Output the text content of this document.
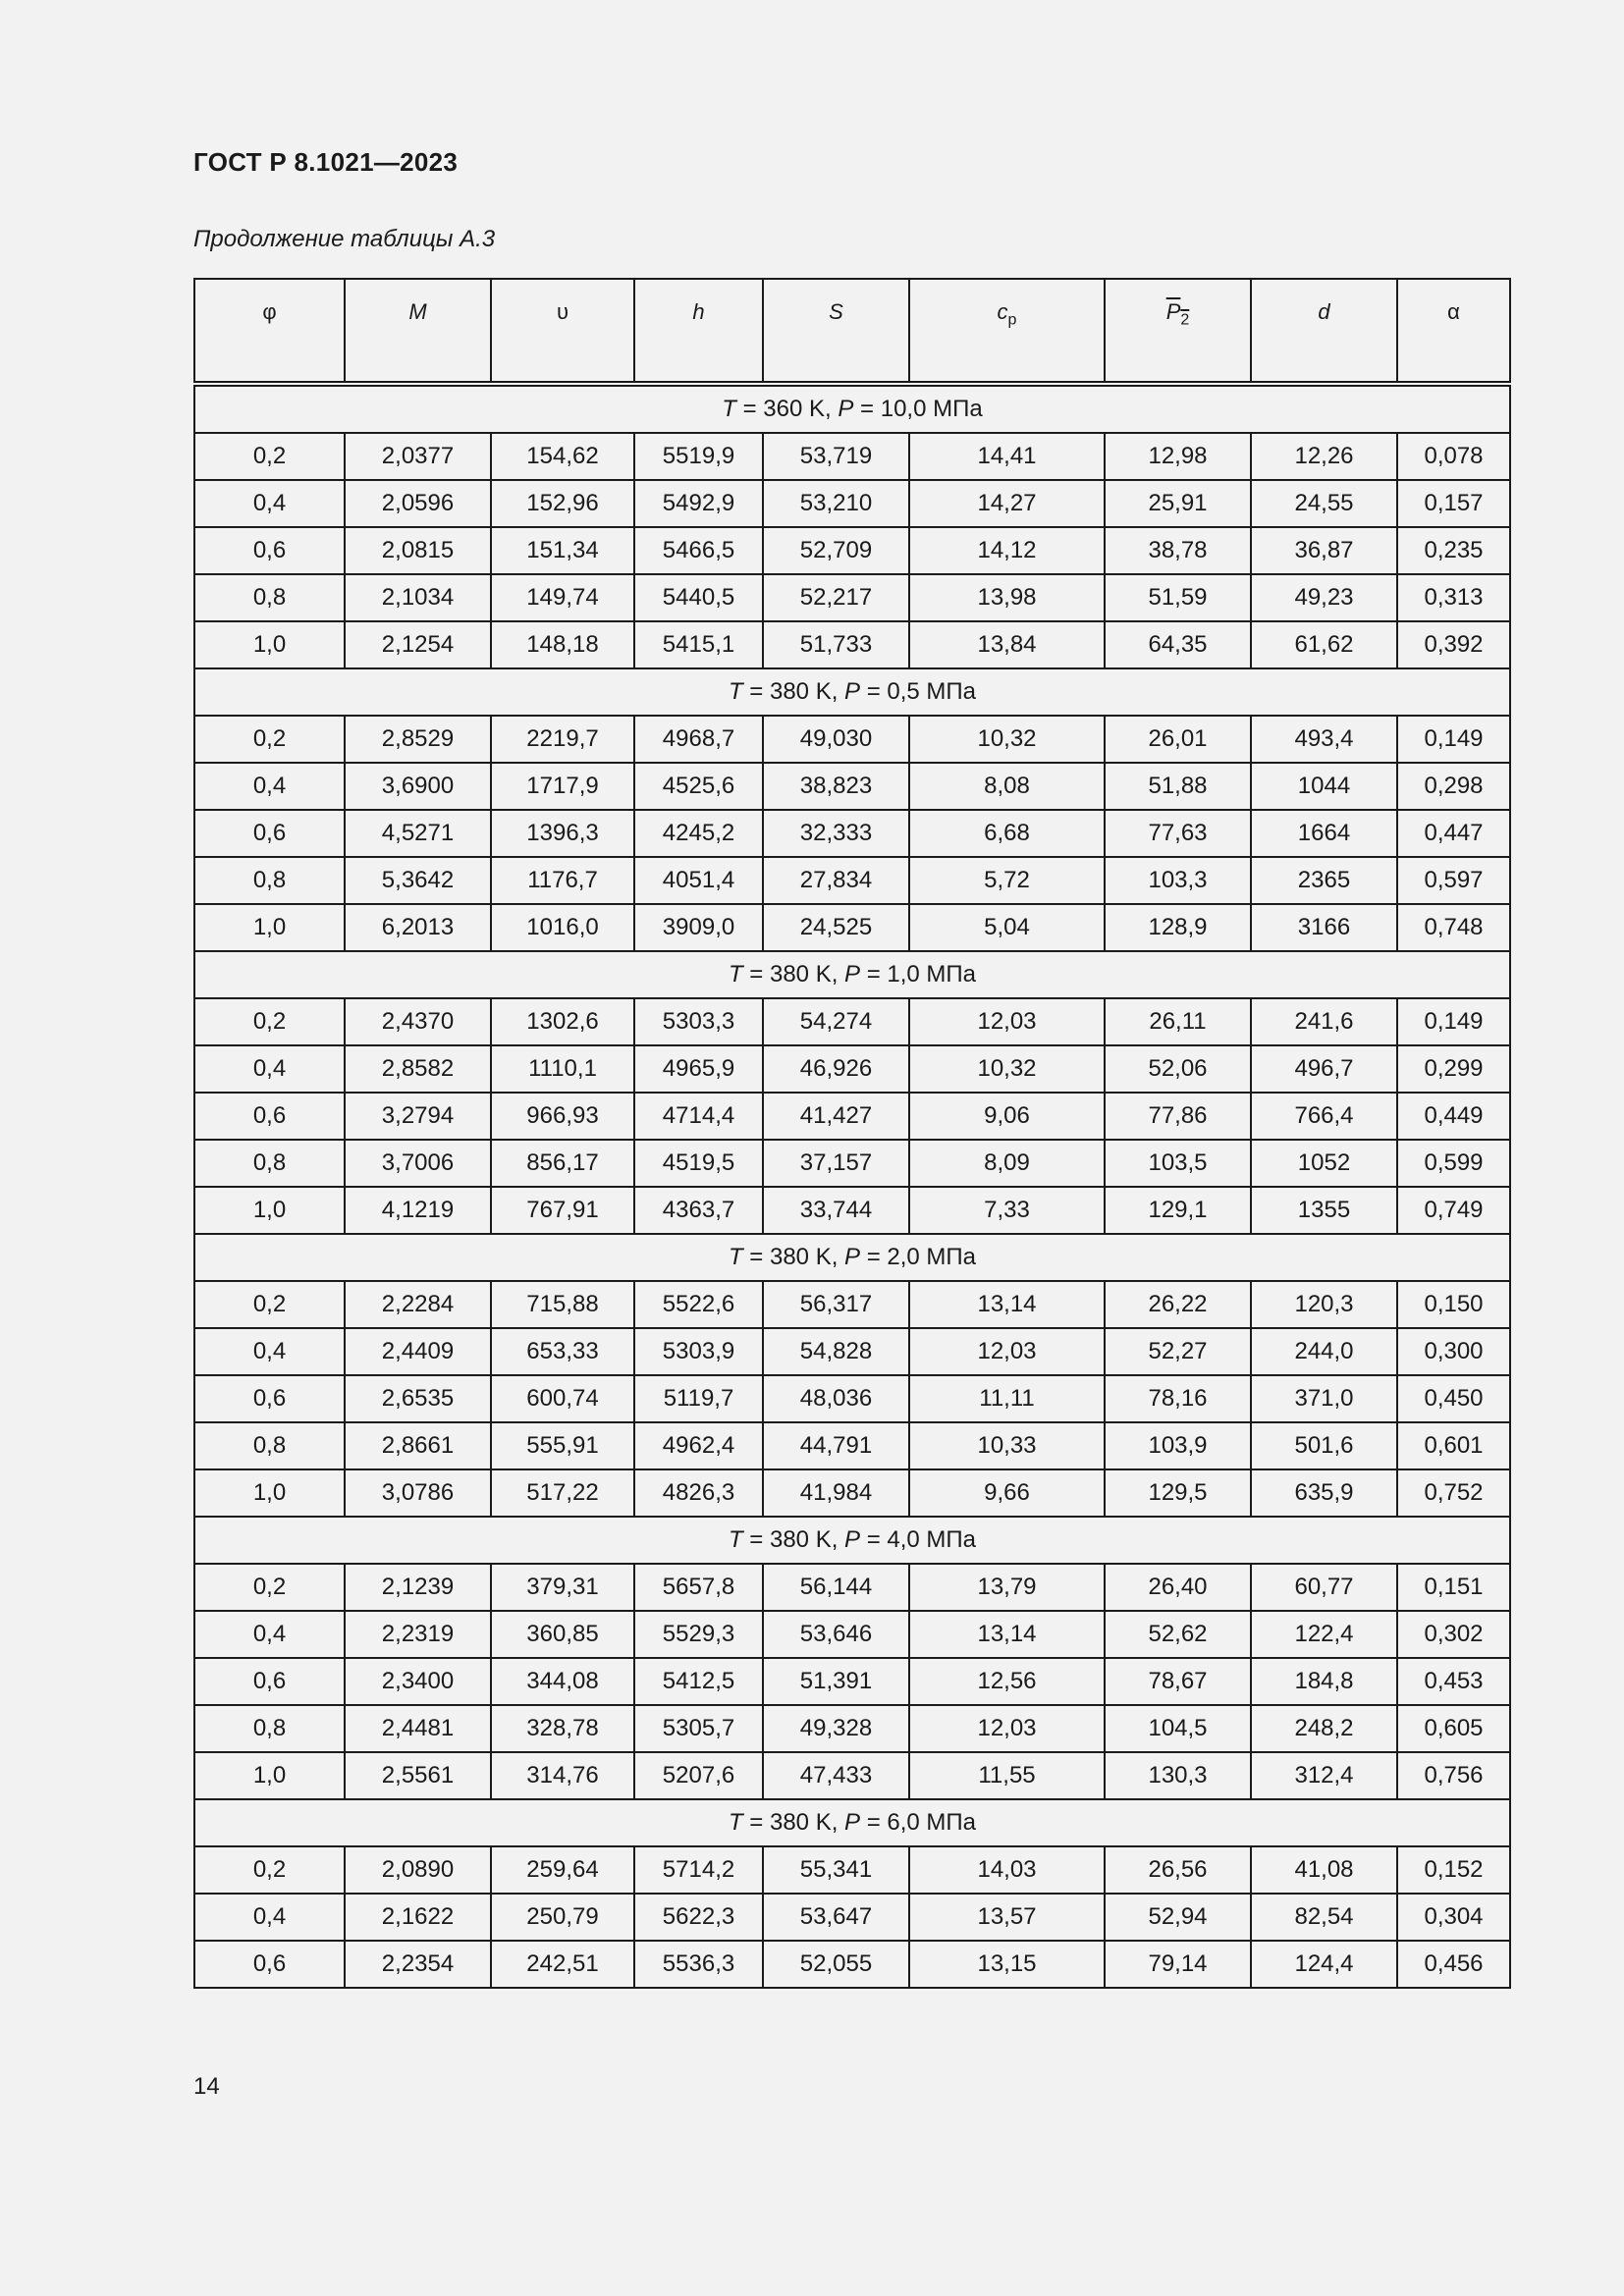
ГОСТ Р 8.1021—2023
Продолжение таблицы А.3
φ	M	υ	h	S	$c_p$	$P_2$	d	α
T = 360 K, P = 10,0 МПа								
0,2	2,0377	154,62	5519,9	53,719	14,41	12,98	12,26	0,078
0,4	2,0596	152,96	5492,9	53,210	14,27	25,91	24,55	0,157
0,6	2,0815	151,34	5466,5	52,709	14,12	38,78	36,87	0,235
0,8	2,1034	149,74	5440,5	52,217	13,98	51,59	49,23	0,313
1,0	2,1254	148,18	5415,1	51,733	13,84	64,35	61,62	0,392
T = 380 K, P = 0,5 МПа								
0,2	2,8529	2219,7	4968,7	49,030	10,32	26,01	493,4	0,149
0,4	3,6900	1717,9	4525,6	38,823	8,08	51,88	1044	0,298
0,6	4,5271	1396,3	4245,2	32,333	6,68	77,63	1664	0,447
0,8	5,3642	1176,7	4051,4	27,834	5,72	103,3	2365	0,597
1,0	6,2013	1016,0	3909,0	24,525	5,04	128,9	3166	0,748
T = 380 K, P = 1,0 МПа								
0,2	2,4370	1302,6	5303,3	54,274	12,03	26,11	241,6	0,149
0,4	2,8582	1110,1	4965,9	46,926	10,32	52,06	496,7	0,299
0,6	3,2794	966,93	4714,4	41,427	9,06	77,86	766,4	0,449
0,8	3,7006	856,17	4519,5	37,157	8,09	103,5	1052	0,599
1,0	4,1219	767,91	4363,7	33,744	7,33	129,1	1355	0,749
T = 380 K, P = 2,0 МПа								
0,2	2,2284	715,88	5522,6	56,317	13,14	26,22	120,3	0,150
0,4	2,4409	653,33	5303,9	54,828	12,03	52,27	244,0	0,300
0,6	2,6535	600,74	5119,7	48,036	11,11	78,16	371,0	0,450
0,8	2,8661	555,91	4962,4	44,791	10,33	103,9	501,6	0,601
1,0	3,0786	517,22	4826,3	41,984	9,66	129,5	635,9	0,752
T = 380 K, P = 4,0 МПа								
0,2	2,1239	379,31	5657,8	56,144	13,79	26,40	60,77	0,151
0,4	2,2319	360,85	5529,3	53,646	13,14	52,62	122,4	0,302
0,6	2,3400	344,08	5412,5	51,391	12,56	78,67	184,8	0,453
0,8	2,4481	328,78	5305,7	49,328	12,03	104,5	248,2	0,605
1,0	2,5561	314,76	5207,6	47,433	11,55	130,3	312,4	0,756
T = 380 K, P = 6,0 МПа								
0,2	2,0890	259,64	5714,2	55,341	14,03	26,56	41,08	0,152
0,4	2,1622	250,79	5622,3	53,647	13,57	52,94	82,54	0,304
0,6	2,2354	242,51	5536,3	52,055	13,15	79,14	124,4	0,456
14
